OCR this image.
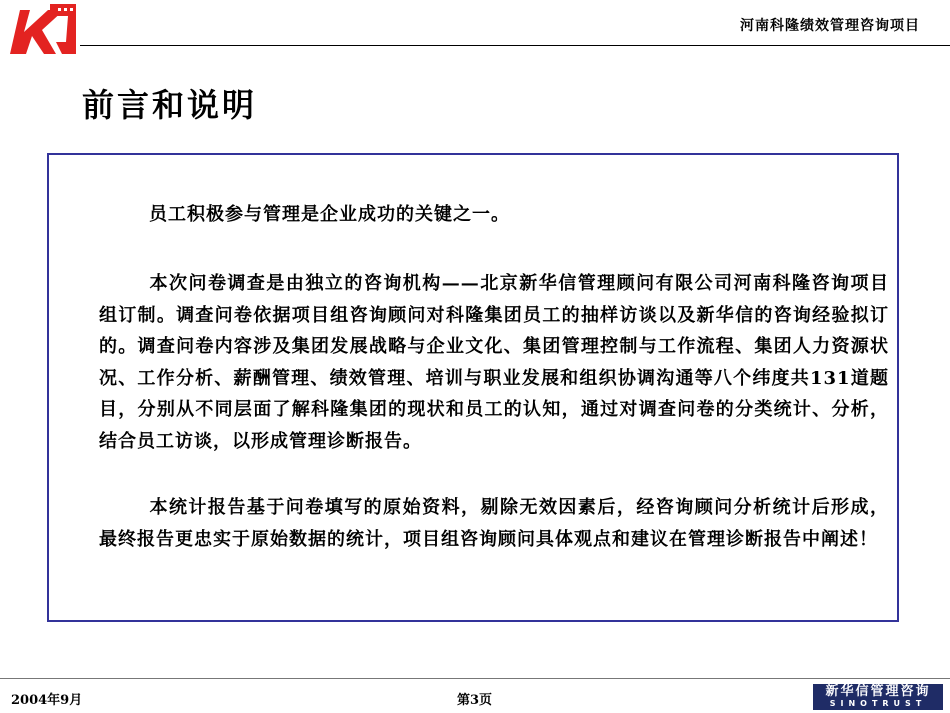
河南科隆绩效管理咨询项目
前言和说明

员工积极参与管理是企业成功的关键之一。

本次问卷调查是由独立的咨询机构——北京新华信管理顾问有限公司河南科隆咨询项目组订制。调查问卷依据项目组咨询顾问对科隆集团员工的抽样访谈以及新华信的咨询经验拟订的。调查问卷内容涉及集团发展战略与企业文化、集团管理控制与工作流程、集团人力资源状况、工作分析、薪酬管理、绩效管理、培训与职业发展和组织协调沟通等八个纬度共131道题目，分别从不同层面了解科隆集团的现状和员工的认知，通过对调查问卷的分类统计、分析，结合员工访谈，以形成管理诊断报告。

本统计报告基于问卷填写的原始资料，剔除无效因素后，经咨询顾问分析统计后形成，最终报告更忠实于原始数据的统计，项目组咨询顾问具体观点和建议在管理诊断报告中阐述！

2004年9月	第3页
新华信管理咨询
SINOTRUST
